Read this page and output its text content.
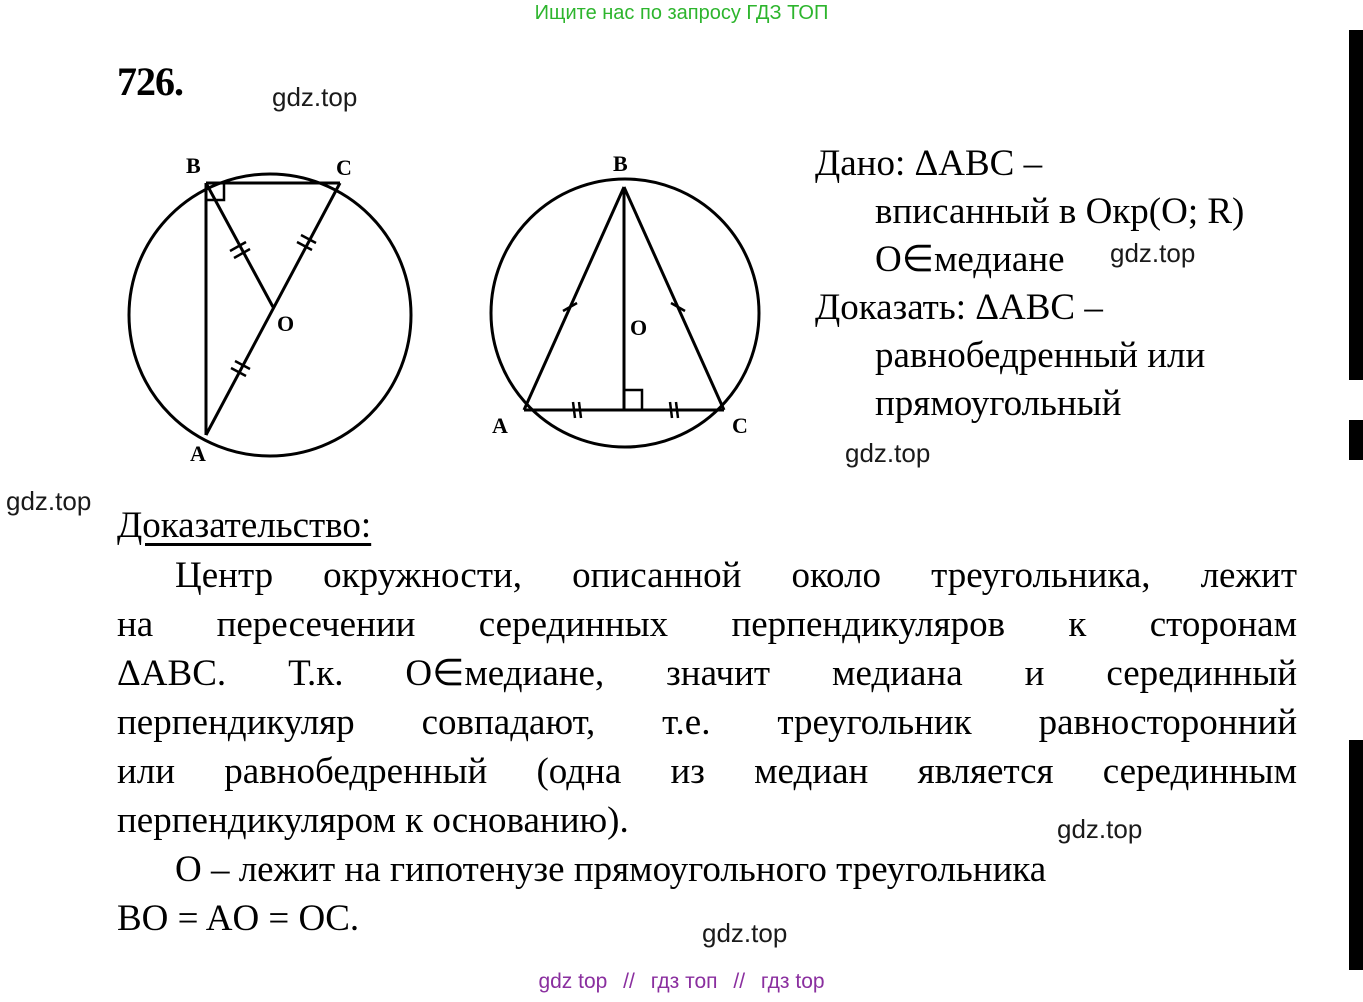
Ищите нас по запросу ГДЗ ТОП
726.	gdz.top
gdz.top
gdz.top
gdz.top
gdz.top
gdz.top
B	C
O
A
B
O
A	C
Дано: ΔABC –
вписанный в Окр(O; R)
O∈медиане
Доказать: ΔABC –
равнобедренный или
прямоугольный
Доказательство:
Центр окружности, описанной около треугольника, лежит
на пересечении серединных перпендикуляров к сторонам
ΔABC. Т.к. O∈медиане, значит медиана и серединный
перпендикуляр совпадают, т.е. треугольник равносторонний
или равнобедренный (одна из медиан является серединным
перпендикуляром к основанию).
O – лежит на гипотенузе прямоугольного треугольника
BO = AO = OC.
gdz top // гдз топ // гдз top
